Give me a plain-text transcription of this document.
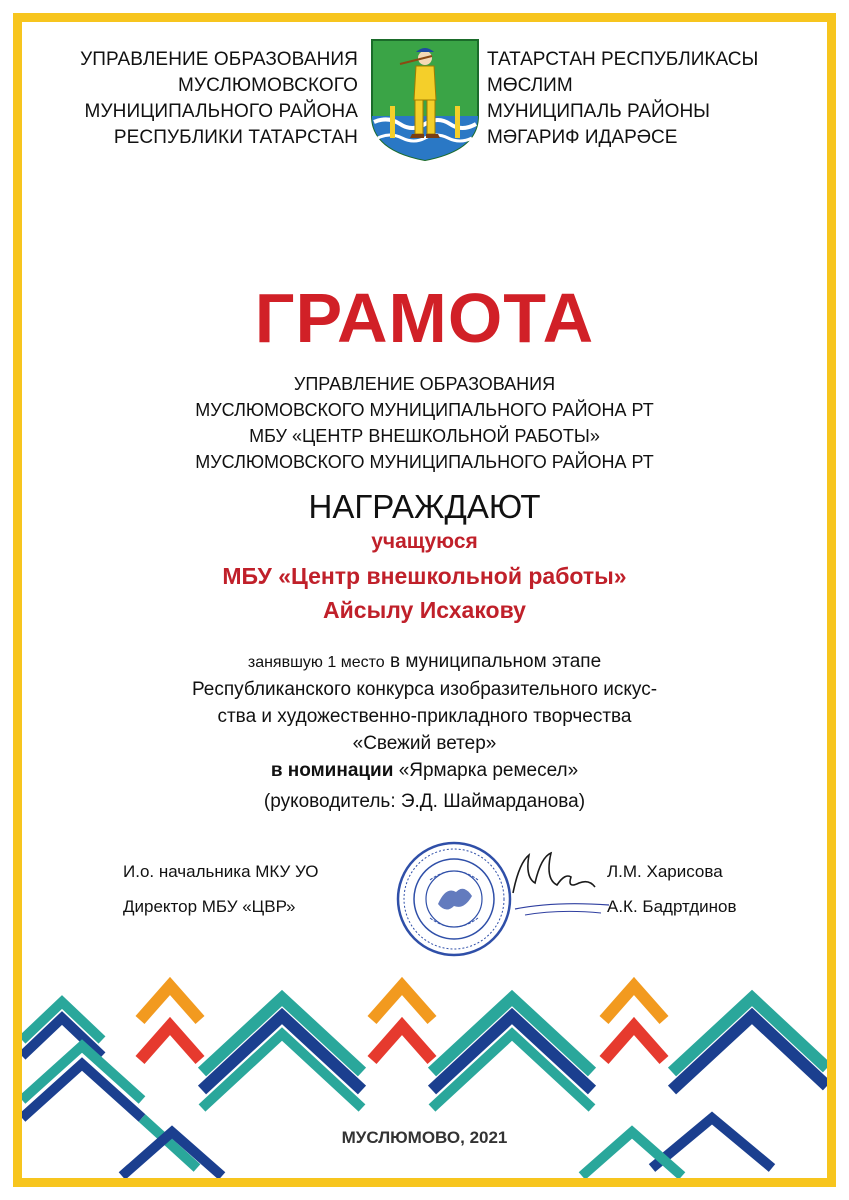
УПРАВЛЕНИЕ ОБРАЗОВАНИЯ
МУСЛЮМОВСКОГО
МУНИЦИПАЛЬНОГО РАЙОНА
РЕСПУБЛИКИ ТАТАРСТАН
ТАТАРСТАН РЕСПУБЛИКАСЫ
МӨСЛИМ
МУНИЦИПАЛЬ РАЙОНЫ
МӘГАРИФ ИДАРӘСЕ
ГРАМОТА
УПРАВЛЕНИЕ ОБРАЗОВАНИЯ
МУСЛЮМОВСКОГО МУНИЦИПАЛЬНОГО РАЙОНА РТ
МБУ «ЦЕНТР ВНЕШКОЛЬНОЙ РАБОТЫ»
МУСЛЮМОВСКОГО МУНИЦИПАЛЬНОГО РАЙОНА РТ
НАГРАЖДАЮТ
учащуюся
МБУ «Центр внешкольной работы»
Айсылу Исхакову
занявшую 1 место в муниципальном этапе
Республиканского конкурса изобразительного искус-
ства и художественно-прикладного творчества
«Свежий ветер»
в номинации «Ярмарка ремесел»
(руководитель: Э.Д. Шаймарданова)
И.о. начальника МКУ УО
Директор МБУ «ЦВР»
Л.М. Харисова
А.К. Бадртдинов
МУСЛЮМОВО, 2021
